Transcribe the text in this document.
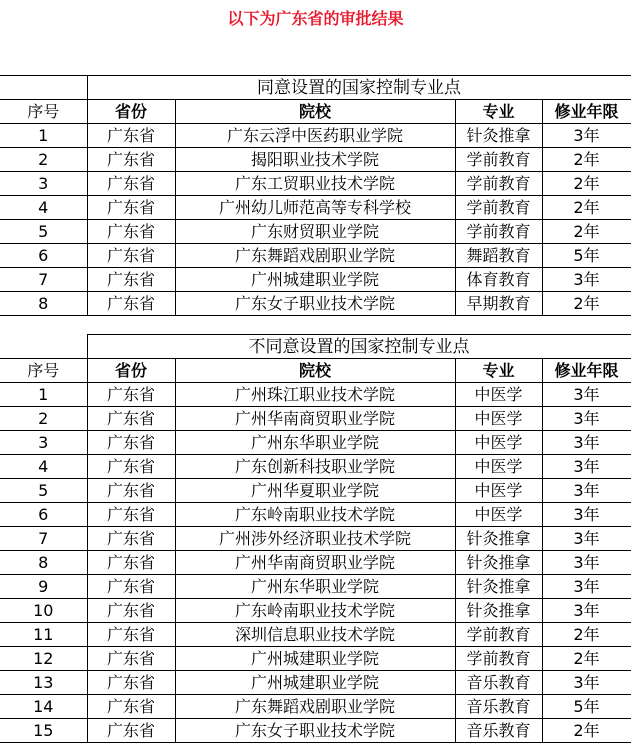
以下为广东省的审批结果
	同意设置的国家控制专业点			
序号	省份	院校	专业	修业年限
1	广东省	广东云浮中医药职业学院	针灸推拿	3年
2	广东省	揭阳职业技术学院	学前教育	2年
3	广东省	广东工贸职业技术学院	学前教育	2年
4	广东省	广州幼儿师范高等专科学校	学前教育	2年
5	广东省	广东财贸职业学院	学前教育	2年
6	广东省	广东舞蹈戏剧职业学院	舞蹈教育	5年
7	广东省	广州城建职业学院	体育教育	3年
8	广东省	广东女子职业技术学院	早期教育	2年
	不同意设置的国家控制专业点			
序号	省份	院校	专业	修业年限
1	广东省	广州珠江职业技术学院	中医学	3年
2	广东省	广州华南商贸职业学院	中医学	3年
3	广东省	广州东华职业学院	中医学	3年
4	广东省	广东创新科技职业学院	中医学	3年
5	广东省	广州华夏职业学院	中医学	3年
6	广东省	广东岭南职业技术学院	中医学	3年
7	广东省	广州涉外经济职业技术学院	针灸推拿	3年
8	广东省	广州华南商贸职业学院	针灸推拿	3年
9	广东省	广州东华职业学院	针灸推拿	3年
10	广东省	广东岭南职业技术学院	针灸推拿	3年
11	广东省	深圳信息职业技术学院	学前教育	2年
12	广东省	广州城建职业学院	学前教育	2年
13	广东省	广州城建职业学院	音乐教育	3年
14	广东省	广东舞蹈戏剧职业学院	音乐教育	5年
15	广东省	广东女子职业技术学院	音乐教育	2年
